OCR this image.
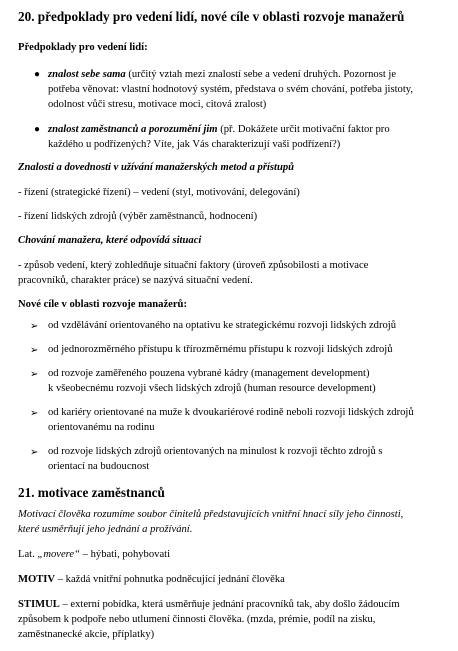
20. předpoklady pro vedení lidí, nové cíle v oblasti rozvoje manažerů

Předpoklady pro vedení lidí:

● znalost sebe sama (určitý vztah mezi znalostí sebe a vedení druhých. Pozornost je
potřeba věnovat: vlastní hodnotový systém, představa o svém chování, potřeba jistoty,
odolnost vůči stresu, motivace moci, citová zralost)
● znalost zaměstnanců a porozumění jim (př. Dokážete určit motivační faktor pro
každého u podřízených? Víte, jak Vás charakterizují vaši podřízení?)

Znalosti a dovednosti v užívání manažerských metod a přístupů

- řízení (strategické řízení) – vedení (styl, motivování, delegování)

- řízení lidských zdrojů (výběr zaměstnanců, hodnocení)

Chování manažera, které odpovídá situaci

- způsob vedení, který zohledňuje situační faktory (úroveň způsobilosti a motivace
pracovníků, charakter práce) se nazývá situační vedení.

Nové cíle v oblasti rozvoje manažerů:

➢ od vzdělávání orientovaného na optativu ke strategickému rozvoji lidských zdrojů
➢ od jednorozměrného přístupu k třírozměrnému přístupu k rozvoji lidských zdrojů
➢ od rozvoje zaměřeného pouzena vybrané kádry (management development)
k všeobecnému rozvoji všech lidských zdrojů (human resource development)
➢ od kariéry orientované na muže k dvoukariérové rodině neboli rozvoji lidských zdrojů
orientovanému na rodinu
➢ od rozvoje lidských zdrojů orientovaných na minulost k rozvoji těchto zdrojů s
orientací na budoucnost

21. motivace zaměstnanců

Motivací člověka rozumíme soubor činitelů představujících vnitřní hnací síly jeho činnosti,
které usměrňují jeho jednání a prožívání.

Lat. „movere“ – hýbati, pohybovati

MOTIV – každá vnitřní pohnutka podněcující jednání člověka

STIMUL – externí pobídka, která usměrňuje jednání pracovníků tak, aby došlo žádoucím
způsobem k podpoře nebo utlumení činnosti člověka. (mzda, prémie, podíl na zisku,
zaměstnanecké akcie, příplatky)
